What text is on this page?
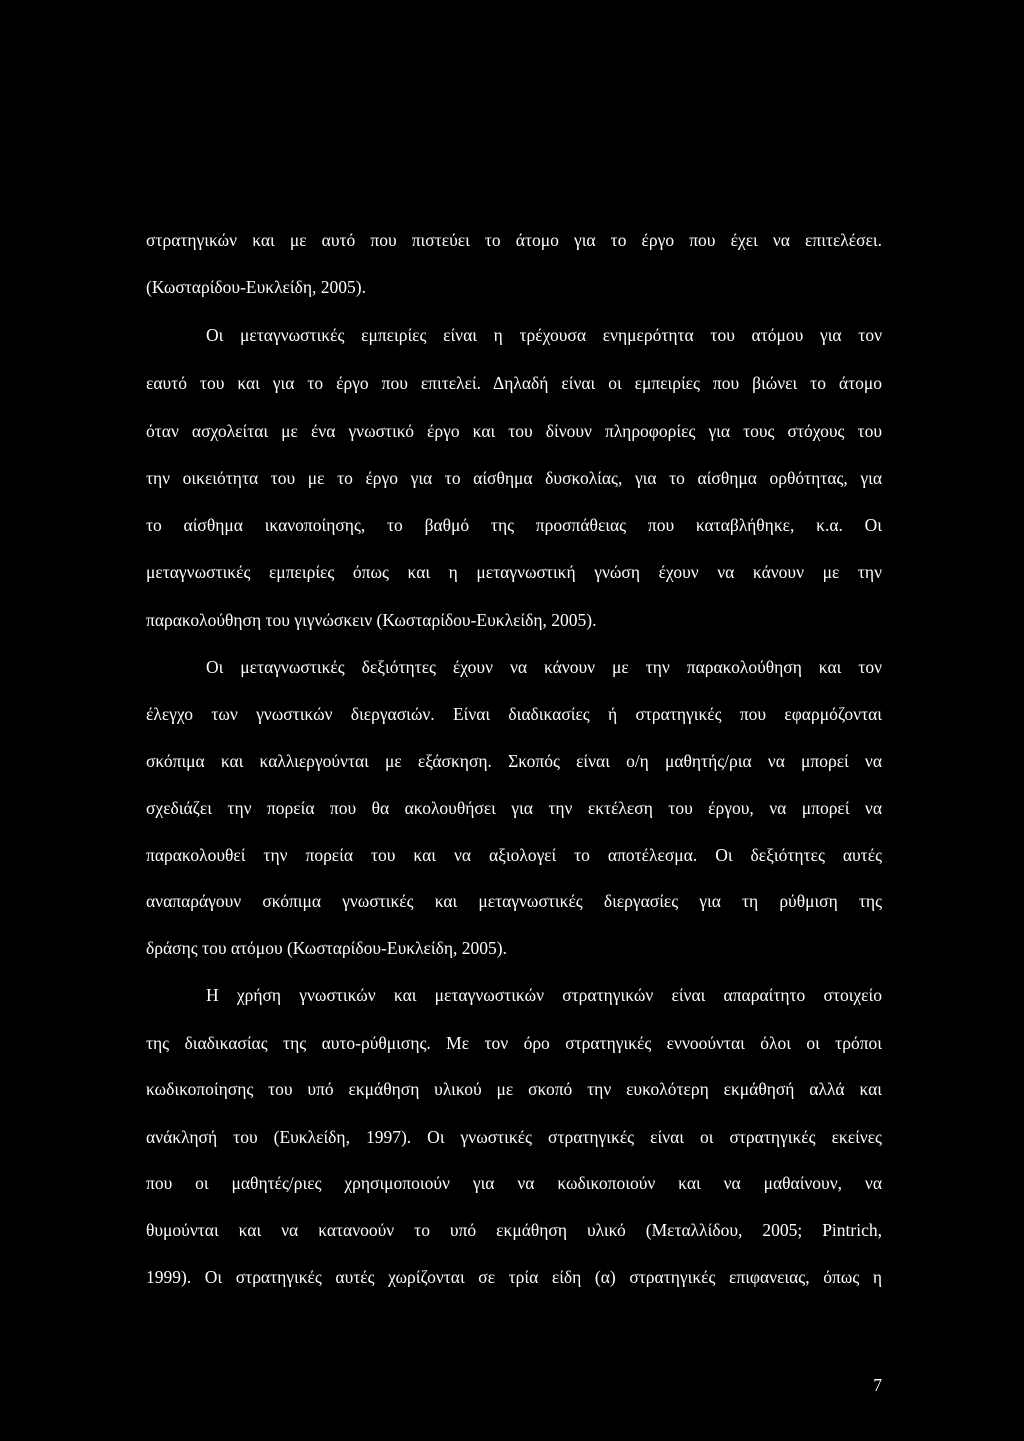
στρατηγικών και με αυτό που πιστεύει το άτομο για το έργο που έχει να επιτελέσει.
(Κωσταρίδου-Ευκλείδη, 2005).
Οι μεταγνωστικές εμπειρίες είναι η τρέχουσα ενημερότητα του ατόμου για τον
εαυτό του και για το έργο που επιτελεί. Δηλαδή είναι οι εμπειρίες που βιώνει το άτομο
όταν ασχολείται με ένα γνωστικό έργο και του δίνουν πληροφορίες για τους στόχους του
την οικειότητα του με το έργο για το αίσθημα δυσκολίας, για το αίσθημα ορθότητας, για
το αίσθημα ικανοποίησης, το βαθμό της προσπάθειας που καταβλήθηκε, κ.α. Οι
μεταγνωστικές εμπειρίες όπως και η μεταγνωστική γνώση έχουν να κάνουν με την
παρακολούθηση του γιγνώσκειν (Κωσταρίδου-Ευκλείδη, 2005).
Οι μεταγνωστικές δεξιότητες έχουν να κάνουν με την παρακολούθηση και τον
έλεγχο των γνωστικών διεργασιών. Είναι διαδικασίες ή στρατηγικές που εφαρμόζονται
σκόπιμα και καλλιεργούνται με εξάσκηση. Σκοπός είναι ο/η μαθητής/ρια να μπορεί να
σχεδιάζει την πορεία που θα ακολουθήσει για την εκτέλεση του έργου, να μπορεί να
παρακολουθεί την πορεία του και να αξιολογεί το αποτέλεσμα. Οι δεξιότητες αυτές
αναπαράγουν σκόπιμα γνωστικές και μεταγνωστικές διεργασίες για τη ρύθμιση της
δράσης του ατόμου (Κωσταρίδου-Ευκλείδη, 2005).
Η χρήση γνωστικών και μεταγνωστικών στρατηγικών είναι απαραίτητο στοιχείο
της διαδικασίας της αυτο-ρύθμισης. Με τον όρο στρατηγικές εννοούνται όλοι οι τρόποι
κωδικοποίησης του υπό εκμάθηση υλικού με σκοπό την ευκολότερη εκμάθησή αλλά και
ανάκλησή του (Ευκλείδη, 1997). Οι γνωστικές στρατηγικές είναι οι στρατηγικές εκείνες
που οι μαθητές/ριες χρησιμοποιούν για να κωδικοποιούν και να μαθαίνουν, να
θυμούνται και να κατανοούν το υπό εκμάθηση υλικό (Μεταλλίδου, 2005; Pintrich,
1999). Οι στρατηγικές αυτές χωρίζονται σε τρία είδη (α) στρατηγικές επιφανειας, όπως η
7
